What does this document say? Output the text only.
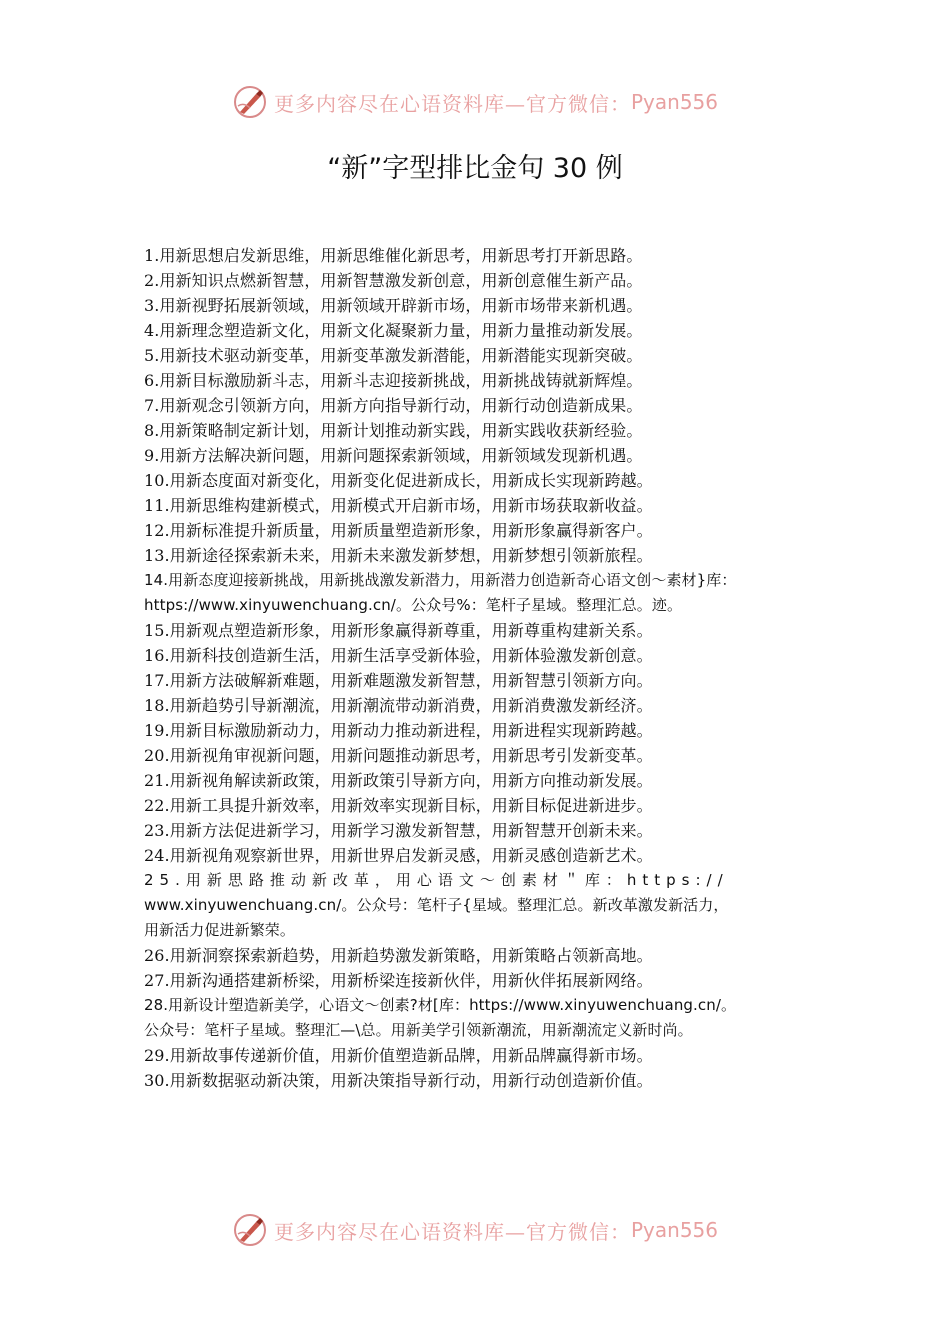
更多内容尽在心语资料库—官方微信： Pyan556
“新”字型排比金句 30 例
1.用新思想启发新思维，用新思维催化新思考，用新思考打开新思路。
2.用新知识点燃新智慧，用新智慧激发新创意，用新创意催生新产品。
3.用新视野拓展新领域，用新领域开辟新市场，用新市场带来新机遇。
4.用新理念塑造新文化，用新文化凝聚新力量，用新力量推动新发展。
5.用新技术驱动新变革，用新变革激发新潜能，用新潜能实现新突破。
6.用新目标激励新斗志，用新斗志迎接新挑战，用新挑战铸就新辉煌。
7.用新观念引领新方向，用新方向指导新行动，用新行动创造新成果。
8.用新策略制定新计划，用新计划推动新实践，用新实践收获新经验。
9.用新方法解决新问题，用新问题探索新领域，用新领域发现新机遇。
10.用新态度面对新变化，用新变化促进新成长，用新成长实现新跨越。
11.用新思维构建新模式，用新模式开启新市场，用新市场获取新收益。
12.用新标准提升新质量，用新质量塑造新形象，用新形象赢得新客户。
13.用新途径探索新未来，用新未来激发新梦想，用新梦想引领新旅程。
14.用新态度迎接新挑战，用新挑战激发新潜力，用新潜力创造新奇心语文创～素材}库：
https://www.xinyuwenchuang.cn/。公众号%：笔杆子星域。整理汇总。迹。
15.用新观点塑造新形象，用新形象赢得新尊重，用新尊重构建新关系。
16.用新科技创造新生活，用新生活享受新体验，用新体验激发新创意。
17.用新方法破解新难题，用新难题激发新智慧，用新智慧引领新方向。
18.用新趋势引导新潮流，用新潮流带动新消费，用新消费激发新经济。
19.用新目标激励新动力，用新动力推动新进程，用新进程实现新跨越。
20.用新视角审视新问题，用新问题推动新思考，用新思考引发新变革。
21.用新视角解读新政策，用新政策引导新方向，用新方向推动新发展。
22.用新工具提升新效率，用新效率实现新目标，用新目标促进新进步。
23.用新方法促进新学习，用新学习激发新智慧，用新智慧开创新未来。
24.用新视角观察新世界，用新世界启发新灵感，用新灵感创造新艺术。
25.用新思路推动新改革，用心语文～创素材＂库：https://
www.xinyuwenchuang.cn/。公众号：笔杆子{星域。整理汇总。新改革激发新活力，
用新活力促进新繁荣。
26.用新洞察探索新趋势，用新趋势激发新策略，用新策略占领新高地。
27.用新沟通搭建新桥梁，用新桥梁连接新伙伴，用新伙伴拓展新网络。
28.用新设计塑造新美学，心语文～创素?材[库：https://www.xinyuwenchuang.cn/。
公众号：笔杆子星域。整理汇—\总。用新美学引领新潮流，用新潮流定义新时尚。
29.用新故事传递新价值，用新价值塑造新品牌，用新品牌赢得新市场。
30.用新数据驱动新决策，用新决策指导新行动，用新行动创造新价值。
更多内容尽在心语资料库—官方微信： Pyan556
